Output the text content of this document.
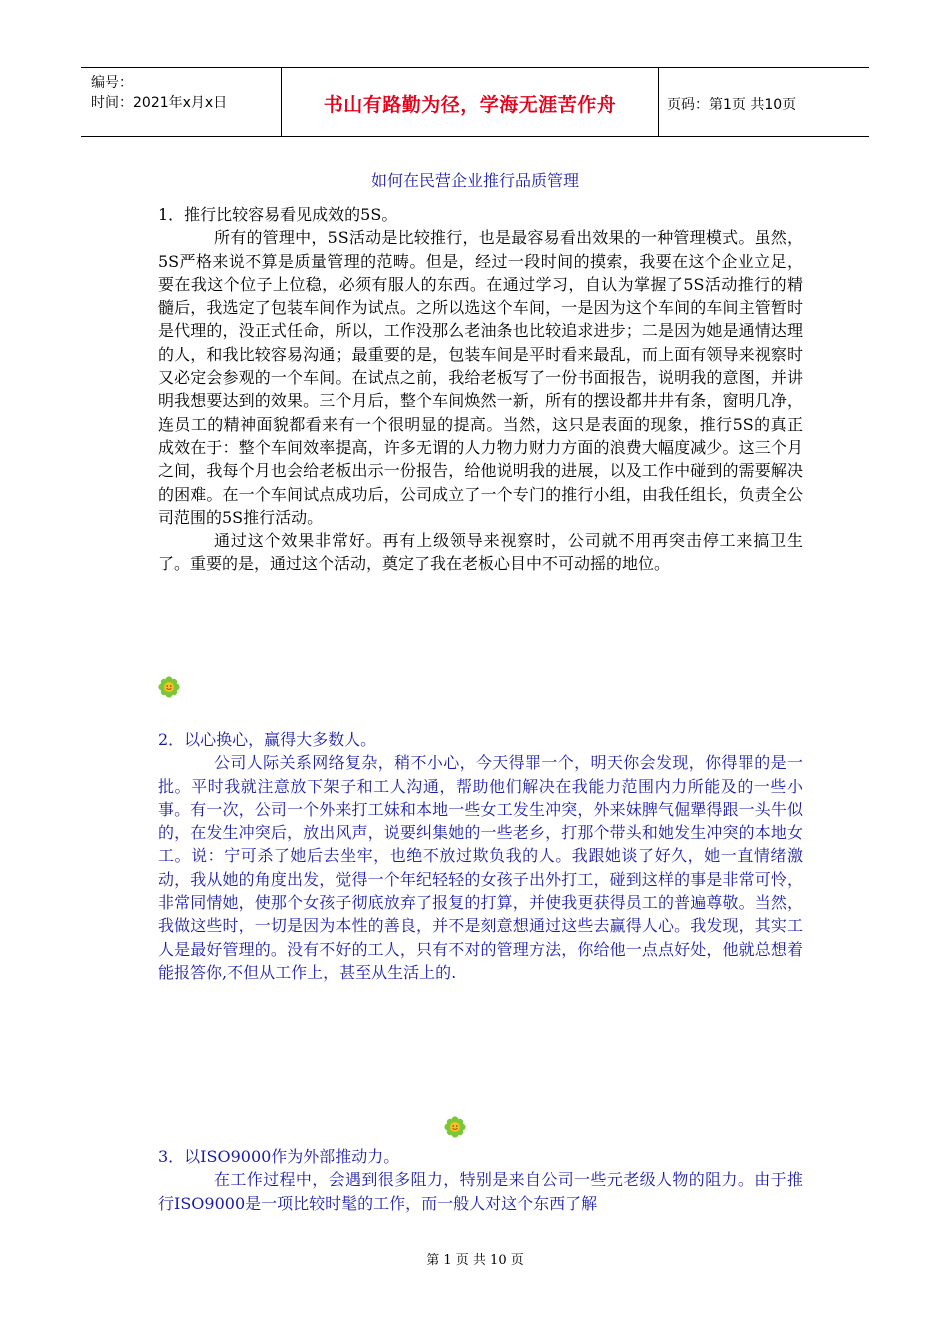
编号：
时间：2021年x月x日	书山有路勤为径，学海无涯苦作舟	页码：第1页 共10页
如何在民营企业推行品质管理

1．推行比较容易看见成效的5S。

所有的管理中，5S活动是比较推行，也是最容易看出效果的一种管理模式。虽然，5S严格来说不算是质量管理的范畴。但是，经过一段时间的摸索，我要在这个企业立足，要在我这个位子上位稳，必须有服人的东西。在通过学习，自认为掌握了5S活动推行的精髓后，我选定了包装车间作为试点。之所以选这个车间，一是因为这个车间的车间主管暂时是代理的，没正式任命，所以，工作没那么老油条也比较追求进步；二是因为她是通情达理的人，和我比较容易沟通；最重要的是，包装车间是平时看来最乱，而上面有领导来视察时又必定会参观的一个车间。在试点之前，我给老板写了一份书面报告，说明我的意图，并讲明我想要达到的效果。三个月后，整个车间焕然一新，所有的摆设都井井有条，窗明几净，连员工的精神面貌都看来有一个很明显的提高。当然，这只是表面的现象，推行5S的真正成效在于：整个车间效率提高，许多无谓的人力物力财力方面的浪费大幅度减少。这三个月之间，我每个月也会给老板出示一份报告，给他说明我的进展，以及工作中碰到的需要解决的困难。在一个车间试点成功后，公司成立了一个专门的推行小组，由我任组长，负责全公司范围的5S推行活动。

通过这个效果非常好。再有上级领导来视察时，公司就不用再突击停工来搞卫生了。重要的是，通过这个活动，奠定了我在老板心目中不可动摇的地位。

2．以心换心，赢得大多数人。

公司人际关系网络复杂，稍不小心，今天得罪一个，明天你会发现，你得罪的是一批。平时我就注意放下架子和工人沟通，帮助他们解决在我能力范围内力所能及的一些小事。有一次，公司一个外来打工妹和本地一些女工发生冲突，外来妹脾气倔犟得跟一头牛似的，在发生冲突后，放出风声，说要纠集她的一些老乡，打那个带头和她发生冲突的本地女工。说：宁可杀了她后去坐牢，也绝不放过欺负我的人。我跟她谈了好久，她一直情绪激动，我从她的角度出发，觉得一个年纪轻轻的女孩子出外打工，碰到这样的事是非常可怜，非常同情她，使那个女孩子彻底放弃了报复的打算，并使我更获得员工的普遍尊敬。当然，我做这些时，一切是因为本性的善良，并不是刻意想通过这些去赢得人心。我发现，其实工人是最好管理的。没有不好的工人，只有不对的管理方法，你给他一点点好处，他就总想着能报答你,不但从工作上，甚至从生活上的.

3．以ISO9000作为外部推动力。

在工作过程中，会遇到很多阻力，特别是来自公司一些元老级人物的阻力。由于推行ISO9000是一项比较时髦的工作，而一般人对这个东西了解

第 1 页 共 10 页
